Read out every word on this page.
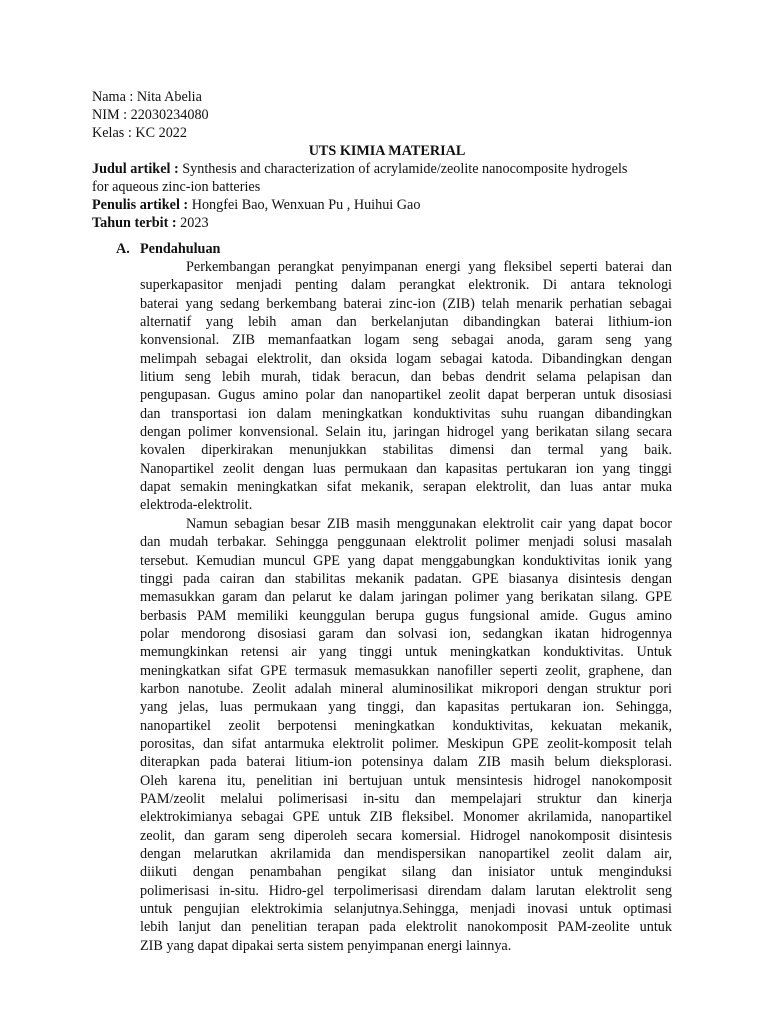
Nama : Nita Abelia
NIM : 22030234080
Kelas : KC 2022
UTS KIMIA MATERIAL
Judul artikel : Synthesis and characterization of acrylamide/zeolite nanocomposite hydrogels
for aqueous zinc-ion batteries
Penulis artikel : Hongfei Bao, Wenxuan Pu , Huihui Gao
Tahun terbit : 2023
A. Pendahuluan
Perkembangan perangkat penyimpanan energi yang fleksibel seperti baterai dan
superkapasitor menjadi penting dalam perangkat elektronik. Di antara teknologi
baterai yang sedang berkembang baterai zinc-ion (ZIB) telah menarik perhatian sebagai
alternatif yang lebih aman dan berkelanjutan dibandingkan baterai lithium-ion
konvensional. ZIB memanfaatkan logam seng sebagai anoda, garam seng yang
melimpah sebagai elektrolit, dan oksida logam sebagai katoda. Dibandingkan dengan
litium seng lebih murah, tidak beracun, dan bebas dendrit selama pelapisan dan
pengupasan. Gugus amino polar dan nanopartikel zeolit dapat berperan untuk disosiasi
dan transportasi ion dalam meningkatkan konduktivitas suhu ruangan dibandingkan
dengan polimer konvensional. Selain itu, jaringan hidrogel yang berikatan silang secara
kovalen diperkirakan menunjukkan stabilitas dimensi dan termal yang baik.
Nanopartikel zeolit dengan luas permukaan dan kapasitas pertukaran ion yang tinggi
dapat semakin meningkatkan sifat mekanik, serapan elektrolit, dan luas antar muka
elektroda-elektrolit.
Namun sebagian besar ZIB masih menggunakan elektrolit cair yang dapat bocor
dan mudah terbakar. Sehingga penggunaan elektrolit polimer menjadi solusi masalah
tersebut. Kemudian muncul GPE yang dapat menggabungkan konduktivitas ionik yang
tinggi pada cairan dan stabilitas mekanik padatan. GPE biasanya disintesis dengan
memasukkan garam dan pelarut ke dalam jaringan polimer yang berikatan silang. GPE
berbasis PAM memiliki keunggulan berupa gugus fungsional amide. Gugus amino
polar mendorong disosiasi garam dan solvasi ion, sedangkan ikatan hidrogennya
memungkinkan retensi air yang tinggi untuk meningkatkan konduktivitas. Untuk
meningkatkan sifat GPE termasuk memasukkan nanofiller seperti zeolit, graphene, dan
karbon nanotube. Zeolit adalah mineral aluminosilikat mikropori dengan struktur pori
yang jelas, luas permukaan yang tinggi, dan kapasitas pertukaran ion. Sehingga,
nanopartikel zeolit berpotensi meningkatkan konduktivitas, kekuatan mekanik,
porositas, dan sifat antarmuka elektrolit polimer. Meskipun GPE zeolit-komposit telah
diterapkan pada baterai litium-ion potensinya dalam ZIB masih belum dieksplorasi.
Oleh karena itu, penelitian ini bertujuan untuk mensintesis hidrogel nanokomposit
PAM/zeolit melalui polimerisasi in-situ dan mempelajari struktur dan kinerja
elektrokimianya sebagai GPE untuk ZIB fleksibel. Monomer akrilamida, nanopartikel
zeolit, dan garam seng diperoleh secara komersial. Hidrogel nanokomposit disintesis
dengan melarutkan akrilamida dan mendispersikan nanopartikel zeolit dalam air,
diikuti dengan penambahan pengikat silang dan inisiator untuk menginduksi
polimerisasi in-situ. Hidro-gel terpolimerisasi direndam dalam larutan elektrolit seng
untuk pengujian elektrokimia selanjutnya.Sehingga, menjadi inovasi untuk optimasi
lebih lanjut dan penelitian terapan pada elektrolit nanokomposit PAM-zeolite untuk
ZIB yang dapat dipakai serta sistem penyimpanan energi lainnya.
